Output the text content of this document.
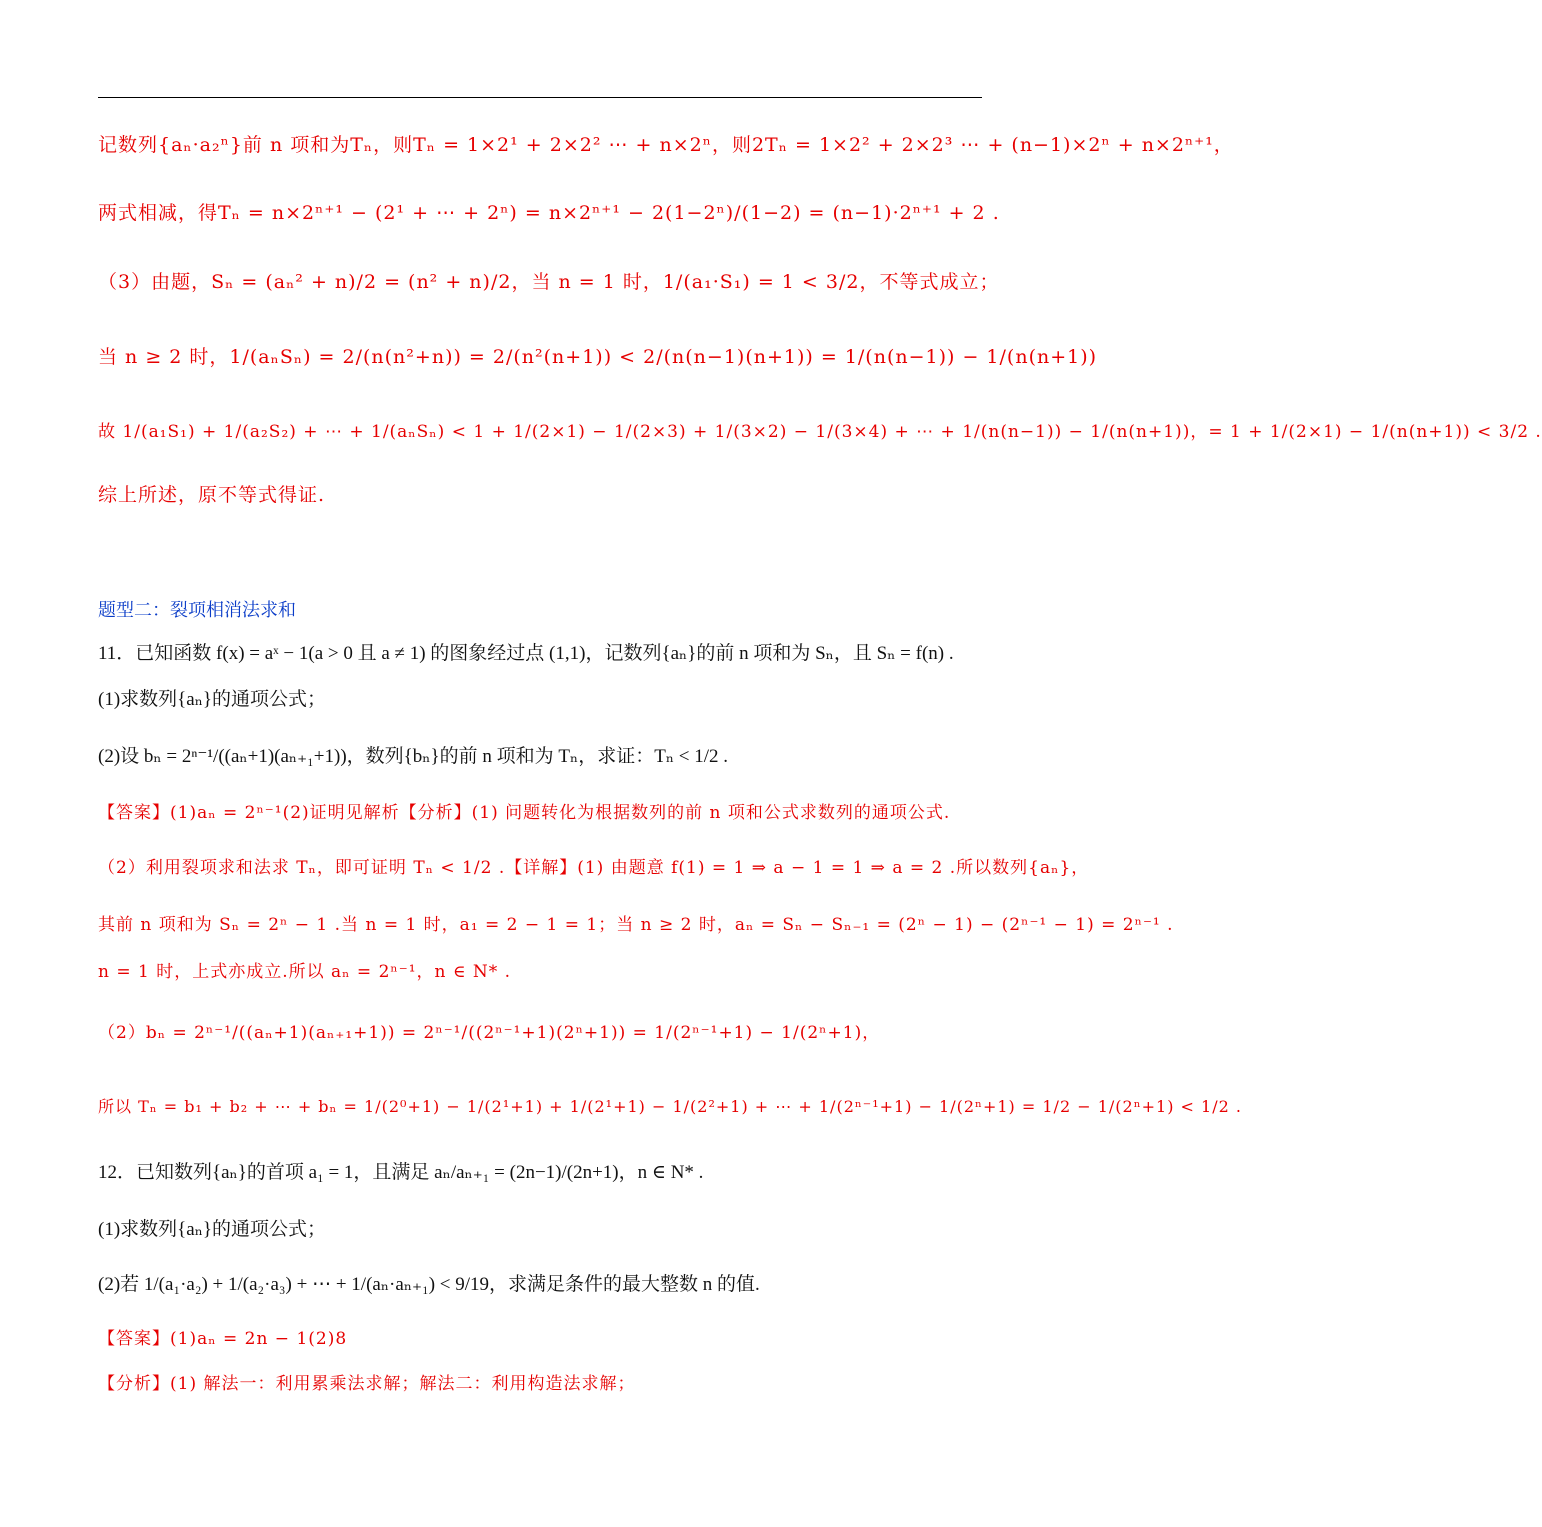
记数列{aₙ·a₂ⁿ}前 n 项和为Tₙ，则Tₙ = 1×2¹ + 2×2² ⋯ + n×2ⁿ，则2Tₙ = 1×2² + 2×2³ ⋯ + (n−1)×2ⁿ + n×2ⁿ⁺¹，
两式相减，得Tₙ = n×2ⁿ⁺¹ − (2¹ + ⋯ + 2ⁿ) = n×2ⁿ⁺¹ − 2(1−2ⁿ)/(1−2) = (n−1)·2ⁿ⁺¹ + 2 .
（3）由题，Sₙ = (aₙ² + n)/2 = (n² + n)/2，当 n = 1 时，1/(a₁·S₁) = 1 < 3/2，不等式成立；
当 n ≥ 2 时，1/(aₙSₙ) = 2/(n(n²+n)) = 2/(n²(n+1)) < 2/(n(n−1)(n+1)) = 1/(n(n−1)) − 1/(n(n+1))
故 1/(a₁S₁) + 1/(a₂S₂) + ⋯ + 1/(aₙSₙ) < 1 + 1/(2×1) − 1/(2×3) + 1/(3×2) − 1/(3×4) + ⋯ + 1/(n(n−1)) − 1/(n(n+1))，= 1 + 1/(2×1) − 1/(n(n+1)) < 3/2 .
综上所述，原不等式得证.
题型二：裂项相消法求和
11．已知函数 f(x) = aˣ − 1(a > 0 且 a ≠ 1) 的图象经过点 (1,1)，记数列{aₙ}的前 n 项和为 Sₙ，且 Sₙ = f(n) .
(1)求数列{aₙ}的通项公式；
(2)设 bₙ = 2ⁿ⁻¹/((aₙ+1)(aₙ₊₁+1))，数列{bₙ}的前 n 项和为 Tₙ，求证：Tₙ < 1/2 .
【答案】(1)aₙ = 2ⁿ⁻¹(2)证明见解析【分析】(1) 问题转化为根据数列的前 n 项和公式求数列的通项公式.
（2）利用裂项求和法求 Tₙ，即可证明 Tₙ < 1/2 .【详解】(1) 由题意 f(1) = 1 ⇒ a − 1 = 1 ⇒ a = 2 .所以数列{aₙ}，
其前 n 项和为 Sₙ = 2ⁿ − 1 .当 n = 1 时，a₁ = 2 − 1 = 1；当 n ≥ 2 时，aₙ = Sₙ − Sₙ₋₁ = (2ⁿ − 1) − (2ⁿ⁻¹ − 1) = 2ⁿ⁻¹ .
n = 1 时，上式亦成立.所以 aₙ = 2ⁿ⁻¹，n ∈ N* .
（2）bₙ = 2ⁿ⁻¹/((aₙ+1)(aₙ₊₁+1)) = 2ⁿ⁻¹/((2ⁿ⁻¹+1)(2ⁿ+1)) = 1/(2ⁿ⁻¹+1) − 1/(2ⁿ+1)，
所以 Tₙ = b₁ + b₂ + ⋯ + bₙ = 1/(2⁰+1) − 1/(2¹+1) + 1/(2¹+1) − 1/(2²+1) + ⋯ + 1/(2ⁿ⁻¹+1) − 1/(2ⁿ+1) = 1/2 − 1/(2ⁿ+1) < 1/2 .
12．已知数列{aₙ}的首项 a₁ = 1，且满足 aₙ/aₙ₊₁ = (2n−1)/(2n+1)，n ∈ N* .
(1)求数列{aₙ}的通项公式；
(2)若 1/(a₁·a₂) + 1/(a₂·a₃) + ⋯ + 1/(aₙ·aₙ₊₁) < 9/19，求满足条件的最大整数 n 的值.
【答案】(1)aₙ = 2n − 1(2)8
【分析】(1) 解法一：利用累乘法求解；解法二：利用构造法求解；
